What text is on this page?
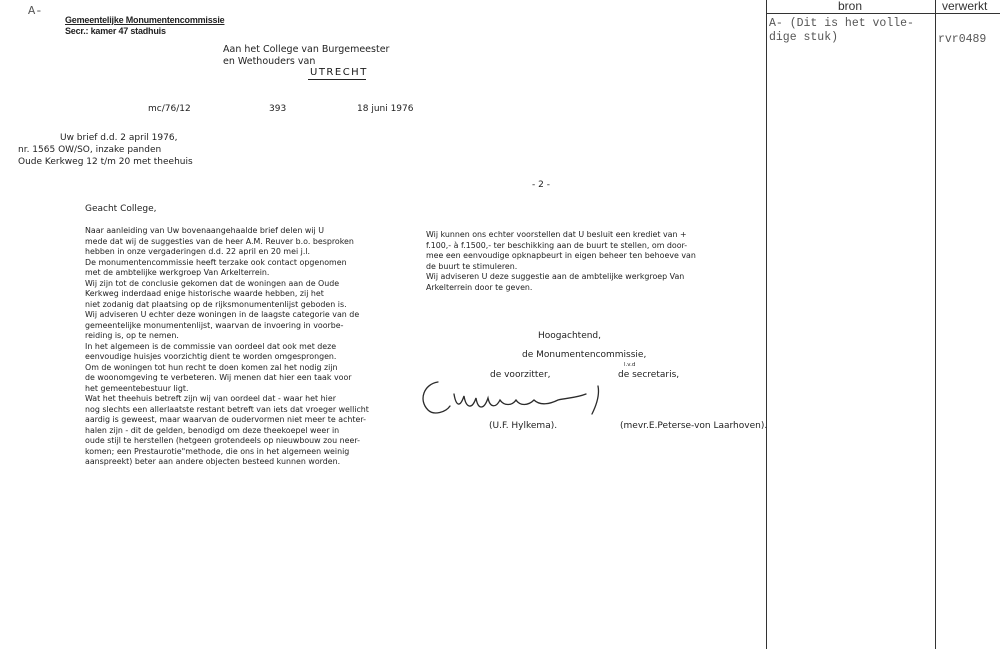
bron	verwerkt
A- (Dit is het volle-
dige stuk)	rvr0489
A-
Gemeentelijke Monumentencommissie
Secr.: kamer 47 stadhuis
Aan het College van Burgemeester
en Wethouders van
UTRECHT
mc/76/12	393	18 juni 1976
Uw brief d.d. 2 april 1976,
nr. 1565 OW/SO, inzake panden
Oude Kerkweg 12 t/m 20 met theehuis
- 2 -
Geacht College,
Naar aanleiding van Uw bovenaangehaalde brief delen wij U
mede dat wij de suggesties van de heer A.M. Reuver b.o. besproken
hebben in onze vergaderingen d.d. 22 april en 20 mei j.l.
De monumentencommissie heeft terzake ook contact opgenomen
met de ambtelijke werkgroep Van Arkelterrein.
Wij zijn tot de conclusie gekomen dat de woningen aan de Oude
Kerkweg inderdaad enige historische waarde hebben, zij het
niet zodanig dat plaatsing op de rijksmonumentenlijst geboden is.
Wij adviseren U echter deze woningen in de laagste categorie van de
gemeentelijke monumentenlijst, waarvan de invoering in voorbe-
reiding is, op te nemen.
In het algemeen is de commissie van oordeel dat ook met deze
eenvoudige huisjes voorzichtig dient te worden omgesprongen.
Om de woningen tot hun recht te doen komen zal het nodig zijn
de woonomgeving te verbeteren. Wij menen dat hier een taak voor
het gemeentebestuur ligt.
Wat het theehuis betreft zijn wij van oordeel dat - waar het hier
nog slechts een allerlaatste restant betreft van iets dat vroeger wellicht
aardig is geweest, maar waarvan de oudervormen niet meer te achter-
halen zijn - dit de gelden, benodigd om deze theekoepel weer in
oude stijl te herstellen (hetgeen grotendeels op nieuwbouw zou neer-
komen; een Prestaurotie"methode, die ons in het algemeen weinig
aanspreekt) beter aan andere objecten besteed kunnen worden.
Wij kunnen ons echter voorstellen dat U besluit een krediet van +
f.100,- à f.1500,- ter beschikking aan de buurt te stellen, om door-
mee een eenvoudige opknapbeurt in eigen beheer ten behoeve van
de buurt te stimuleren.
Wij adviseren U deze suggestie aan de ambtelijke werkgroep Van
Arkelterrein door te geven.
Hoogachtend,
de Monumentencommissie,
de voorzitter,
l.v.d
de secretaris,
(U.F. Hylkema).	(mevr.E.Peterse-von Laarhoven).
